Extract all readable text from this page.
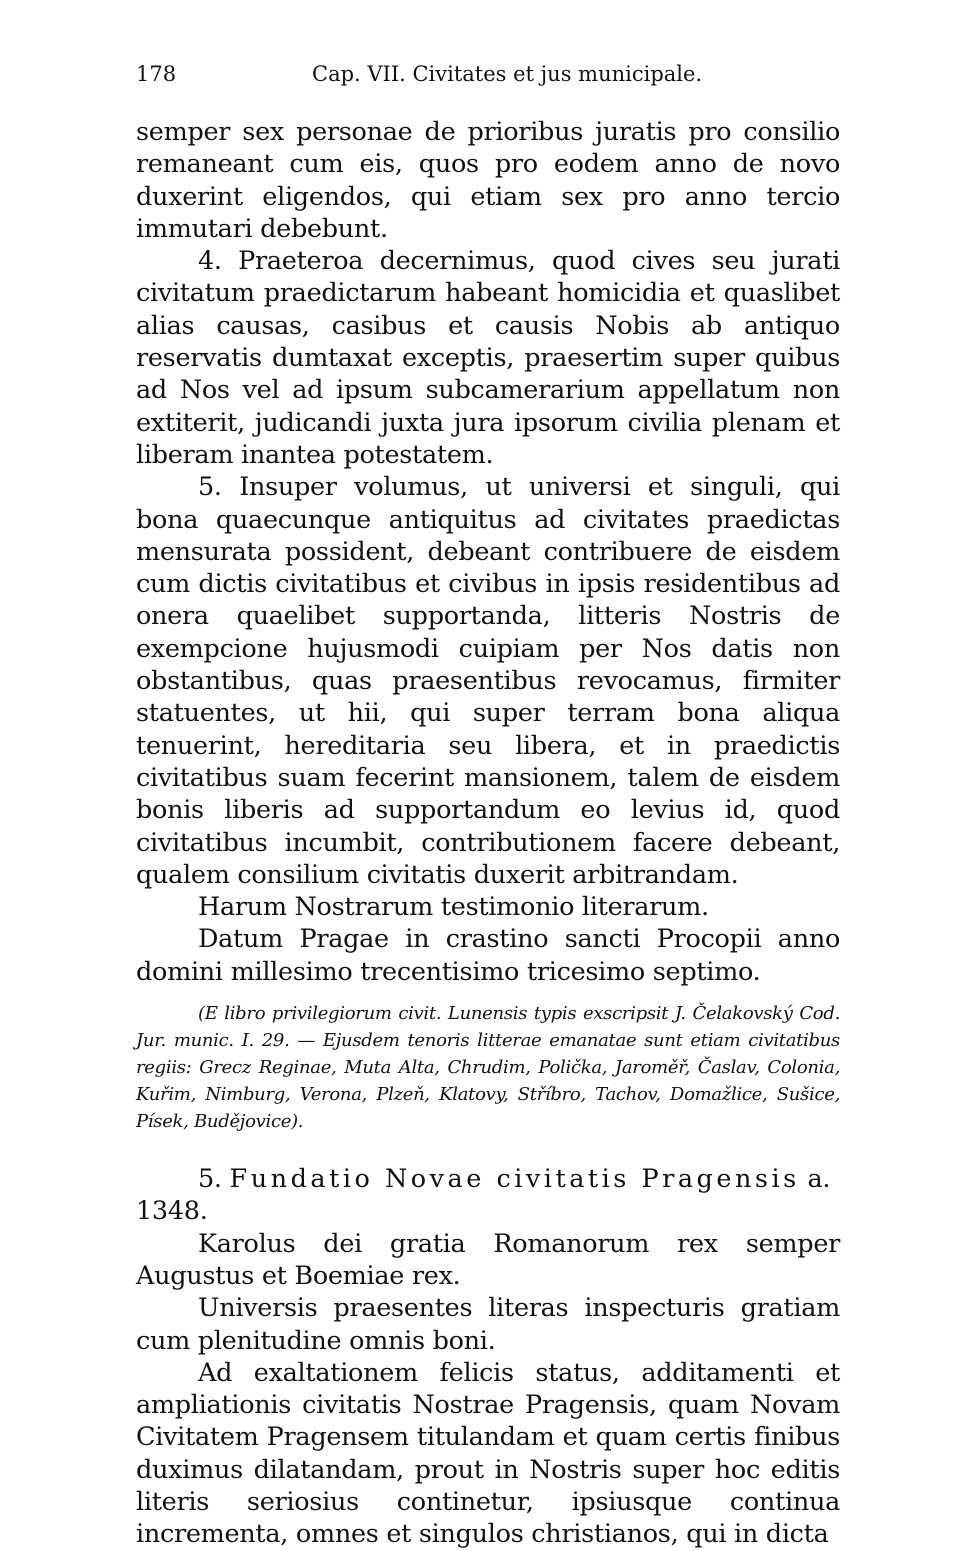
178	Cap. VII. Civitates et jus municipale.

semper sex personae de prioribus juratis pro consilio remaneant cum eis, quos pro eodem anno de novo duxerint eligendos, qui etiam sex pro anno tercio immutari debebunt.

4. Praeteroa decernimus, quod cives seu jurati civitatum praedictarum habeant homicidia et quaslibet alias causas, casibus et causis Nobis ab antiquo reservatis dumtaxat exceptis, praesertim super quibus ad Nos vel ad ipsum subcamerarium appellatum non extiterit, judicandi juxta jura ipsorum civilia plenam et liberam inantea potestatem.

5. Insuper volumus, ut universi et singuli, qui bona quaecunque antiquitus ad civitates praedictas mensurata possident, debeant contribuere de eisdem cum dictis civitatibus et civibus in ipsis residentibus ad onera quaelibet supportanda, litteris Nostris de exempcione hujusmodi cuipiam per Nos datis non obstantibus, quas praesentibus revocamus, firmiter statuentes, ut hii, qui super terram bona aliqua tenuerint, hereditaria seu libera, et in praedictis civitatibus suam fecerint mansionem, talem de eisdem bonis liberis ad supportandum eo levius id, quod civitatibus incumbit, contributionem facere debeant, qualem consilium civitatis duxerit arbitrandam.

Harum Nostrarum testimonio literarum.

Datum Pragae in crastino sancti Procopii anno domini millesimo trecentisimo tricesimo septimo.

(E libro privilegiorum civit. Lunensis typis exscripsit J. Čelakovský Cod. Jur. munic. I. 29. — Ejusdem tenoris litterae emanatae sunt etiam civitatibus regiis: Grecz Reginae, Muta Alta, Chrudim, Polička, Jaroměř, Časlav, Colonia, Kuřim, Nimburg, Verona, Plzeň, Klatovy, Stříbro, Tachov, Domažlice, Sušice, Písek, Budějovice).

5. Fundatio Novae civitatis Pragensis a. 1348.

Karolus dei gratia Romanorum rex semper Augustus et Boemiae rex.

Universis praesentes literas inspecturis gratiam cum plenitudine omnis boni.

Ad exaltationem felicis status, additamenti et ampliationis civitatis Nostrae Pragensis, quam Novam Civitatem Pragensem titulandam et quam certis finibus duximus dilatandam, prout in Nostris super hoc editis literis seriosius continetur, ipsiusque continua incrementa, omnes et singulos christianos, qui in dicta
